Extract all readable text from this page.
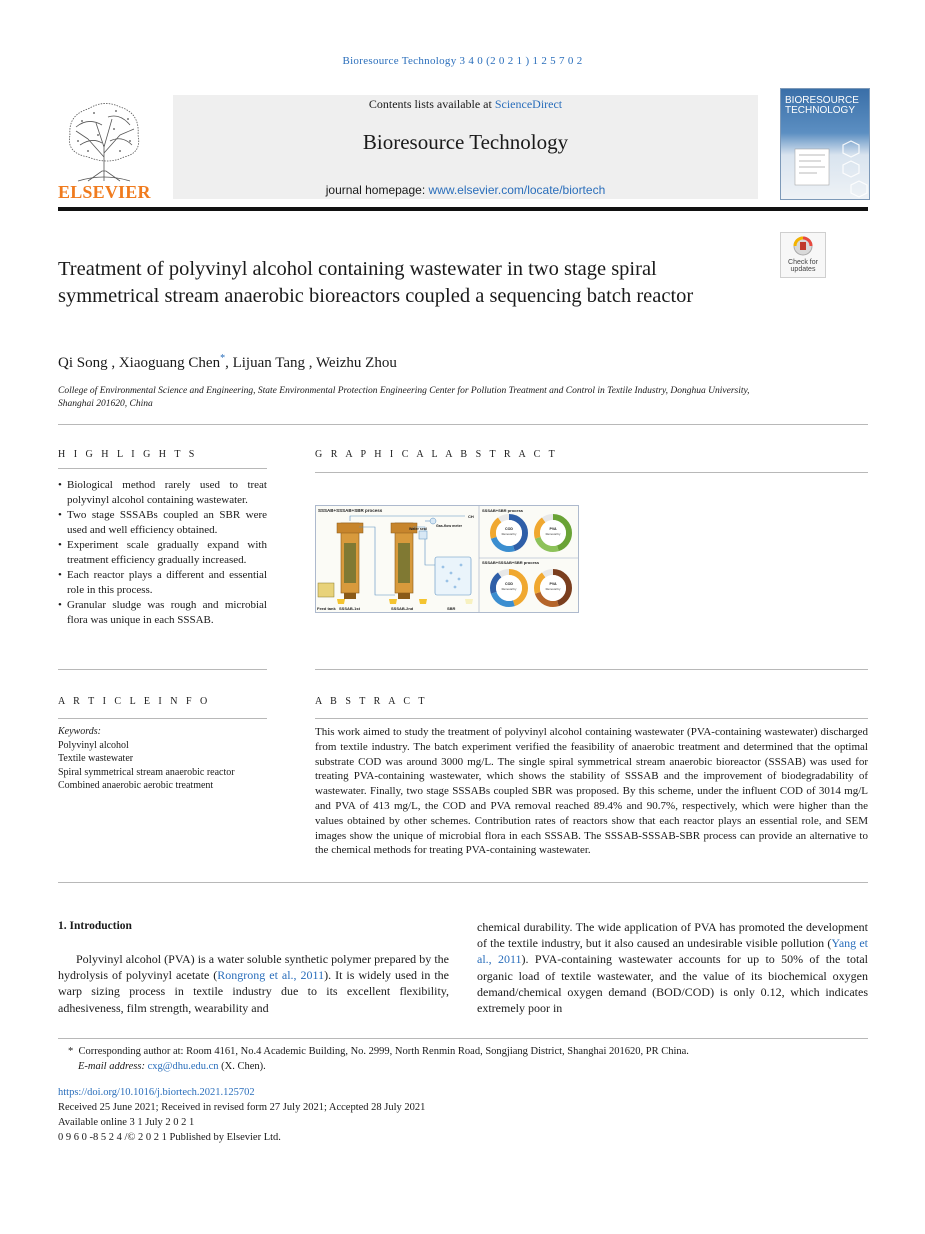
Bioresource Technology 3 4 0 (2 0 2 1 ) 1 2 5 7 0 2
ELSEVIER
Contents lists available at ScienceDirect
Bioresource Technology
journal homepage: www.elsevier.com/locate/biortech
BIORESOURCE TECHNOLOGY
Check for updates
Treatment of polyvinyl alcohol containing wastewater in two stage spiral symmetrical stream anaerobic bioreactors coupled a sequencing batch reactor
Qi Song , Xiaoguang Chen*, Lijuan Tang , Weizhu Zhou
College of Environmental Science and Engineering, State Environmental Protection Engineering Center for Pollution Treatment and Control in Textile Industry, Donghua University, Shanghai 201620, China
H I G H L I G H T S
• Biological method rarely used to treat polyvinyl alcohol containing wastewater.
• Two stage SSSABs coupled an SBR were used and well efficiency obtained.
• Experiment scale gradually expand with treatment efficiency gradually increased.
• Each reactor plays a different and essential role in this process.
• Granular sludge was rough and microbial flora was unique in each SSSAB.
G R A P H I C A L A B S T R A C T
SSSAB+SSSAB+SBR process
CH
Gas-flow meter
Water seal
Feed tank SSSAB-1st	SSSAB-2nd	SBR
SSSAB+SBR process
SSSAB+SSSAB+SBR process
COD	PVA
COD	PVA
Removal by	Removal by
Removal by	Removal by
A R T I C L E I N F O
Keywords:
Polyvinyl alcohol
Textile wastewater
Spiral symmetrical stream anaerobic reactor
Combined anaerobic aerobic treatment
A B S T R A C T
This work aimed to study the treatment of polyvinyl alcohol containing wastewater (PVA-containing wastewater) discharged from textile industry. The batch experiment verified the feasibility of anaerobic treatment and determined that the optimal substrate COD was around 3000 mg/L. The single spiral symmetrical stream anaerobic bioreactor (SSSAB) was used for treating PVA-containing wastewater, which shows the stability of SSSAB and the improvement of biodegradability of wastewater. Finally, two stage SSSABs coupled SBR was proposed. By this scheme, under the influent COD of 3014 mg/L and PVA of 413 mg/L, the COD and PVA removal reached 89.4% and 90.7%, respectively, which were higher than the values obtained by other schemes. Contribution rates of reactors show that each reactor plays an essential role, and SEM images show the unique of microbial flora in each SSSAB. The SSSAB-SSSAB-SBR process can provide an alternative to the chemical methods for treating PVA-containing wastewater.
1. Introduction
Polyvinyl alcohol (PVA) is a water soluble synthetic polymer prepared by the hydrolysis of polyvinyl acetate (Rongrong et al., 2011). It is widely used in the warp sizing process in textile industry due to its excellent flexibility, adhesiveness, film strength, wearability and
chemical durability. The wide application of PVA has promoted the development of the textile industry, but it also caused an undesirable visible pollution (Yang et al., 2011). PVA-containing wastewater accounts for up to 50% of the total organic load of textile wastewater, and the value of its biochemical oxygen demand/chemical oxygen demand (BOD/COD) is only 0.12, which indicates extremely poor in
* Corresponding author at: Room 4161, No.4 Academic Building, No. 2999, North Renmin Road, Songjiang District, Shanghai 201620, PR China.
E-mail address: cxg@dhu.edu.cn (X. Chen).
https://doi.org/10.1016/j.biortech.2021.125702
Received 25 June 2021; Received in revised form 27 July 2021; Accepted 28 July 2021
Available online 3 1 July 2 0 2 1
0 9 6 0 -8 5 2 4 /© 2 0 2 1 Published by Elsevier Ltd.
